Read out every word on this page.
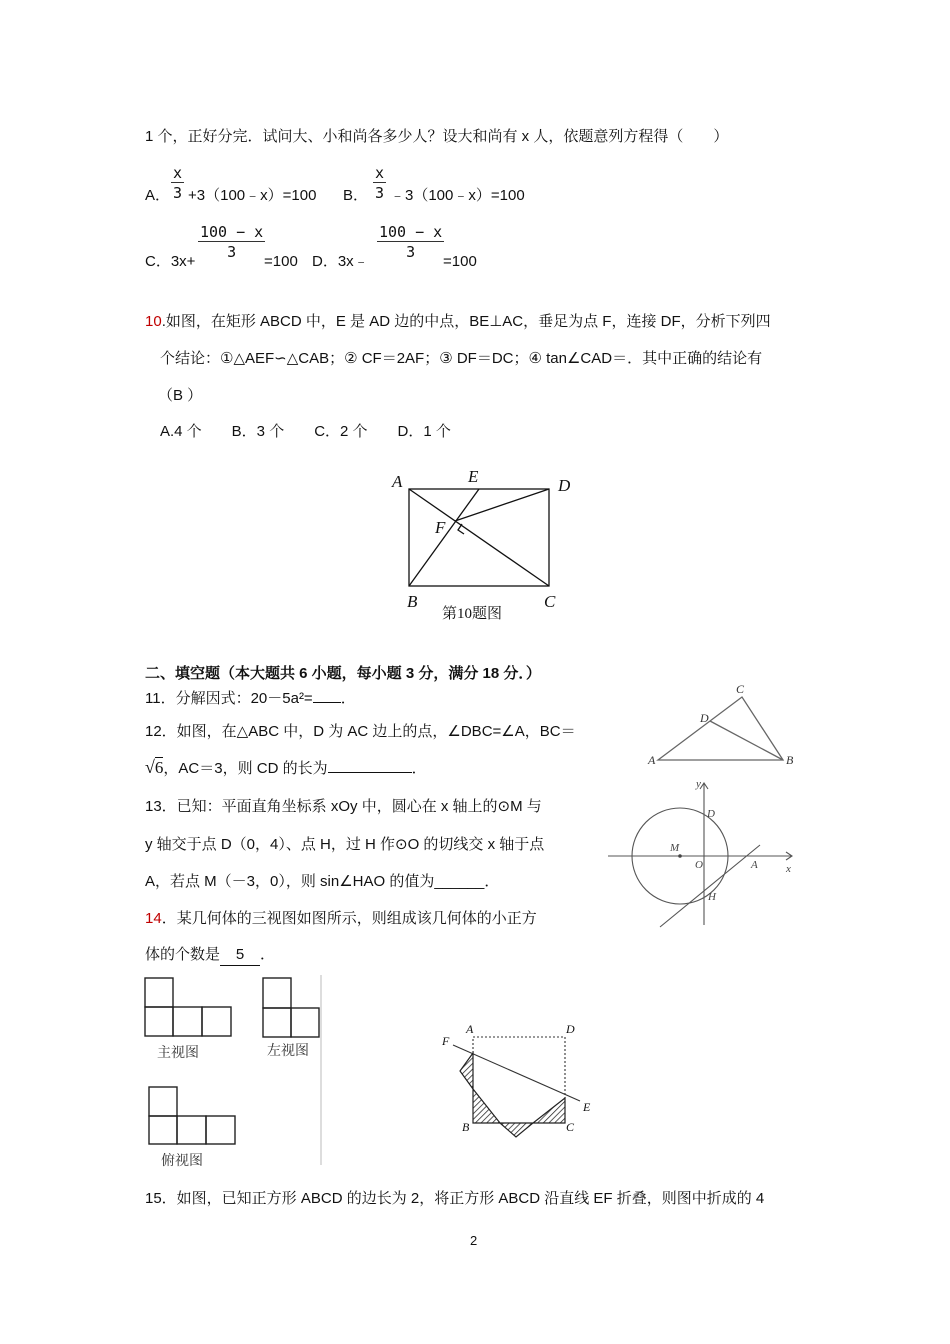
1 个，正好分完．试问大、小和尚各多少人？设大和尚有 x 人，依题意列方程得（　　）
A． $\frac{x}{3}$ +3（100﹣x）=100 B． $\frac{x}{3}$ ﹣3（100﹣x）=100
C．3x+
$\frac{100 - x}{3}$
=100 D．3x﹣
$\frac{100 - x}{3}$
=100
10.如图，在矩形 ABCD 中，E 是 AD 边的中点，BE⊥AC，垂足为点 F，连接 DF，分析下列四
个结论：①△AEF∽△CAB；② CF＝2AF；③ DF＝DC；④ tan∠CAD＝．其中正确的结论有
（B ）
A.4 个　　B．3 个　　C．2 个　　D．1 个
A	E	D
F
B	C
第10题图
二、填空题（本大题共 6 小题，每小题 3 分，满分 18 分．）
11．分解因式：20－5a²= ．
12．如图，在△ABC 中，D 为 AC 边上的点，∠DBC=∠A，BC＝
√6，AC＝3，则 CD 的长为	．	A
C
D
B
13．已知：平面直角坐标系 xOy 中，圆心在 x 轴上的⊙M 与
y 轴交于点 D（0，4）、点 H，过 H 作⊙O 的切线交 x 轴于点
A，若点 M（－3，0），则 sin∠HAO 的值为______．
y
x
M
O
D
A
H
14．某几何体的三视图如图所示，则组成该几何体的小正方
体的个数是 5 ．
主视图	左视图
俯视图
A	D
F
E
B	C
15．如图，已知正方形 ABCD 的边长为 2，将正方形 ABCD 沿直线 EF 折叠，则图中折成的 4
2
